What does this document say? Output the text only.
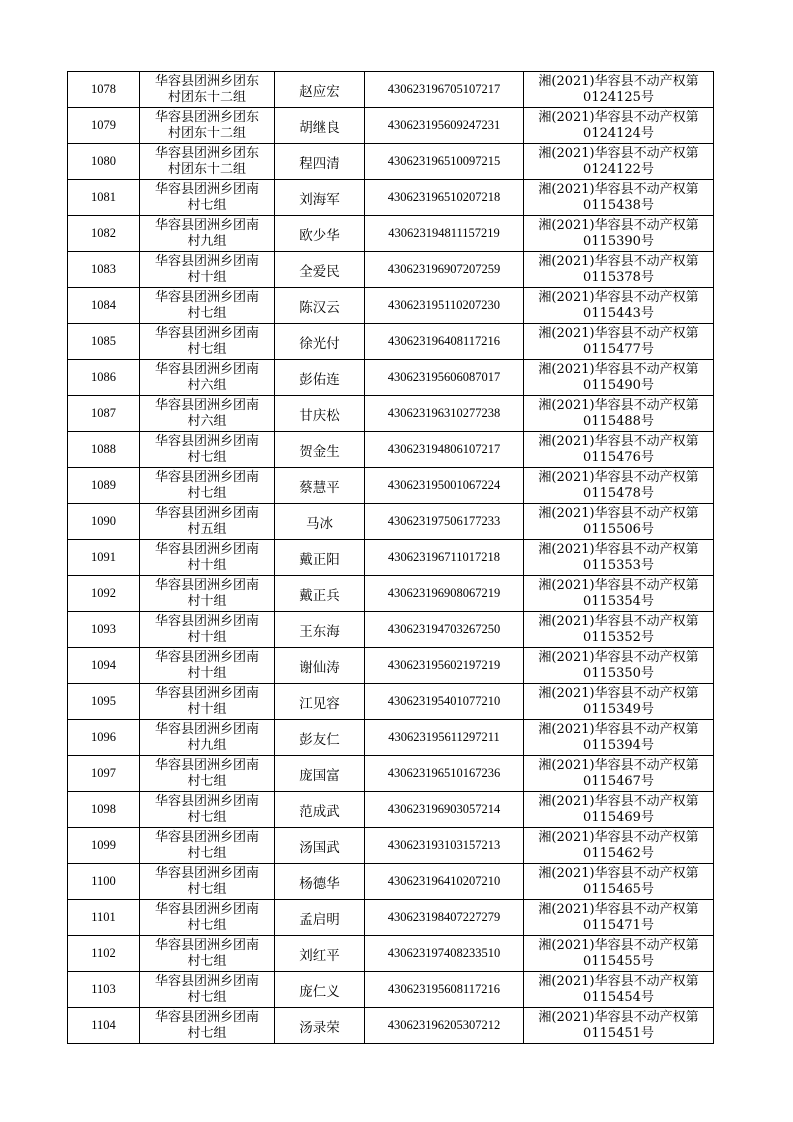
1078	华容县团洲乡团东
村团东十二组	赵应宏	430623196705107217	湘(2021)华容县不动产权第
0124125号

1079	华容县团洲乡团东
村团东十二组	胡继良	430623195609247231	湘(2021)华容县不动产权第
0124124号

1080	华容县团洲乡团东
村团东十二组	程四清	430623196510097215	湘(2021)华容县不动产权第
0124122号

1081	华容县团洲乡团南
村七组	刘海军	430623196510207218	湘(2021)华容县不动产权第
0115438号

1082	华容县团洲乡团南
村九组	欧少华	430623194811157219	湘(2021)华容县不动产权第
0115390号

1083	华容县团洲乡团南
村十组	全爱民	430623196907207259	湘(2021)华容县不动产权第
0115378号

1084	华容县团洲乡团南
村七组	陈汉云	430623195110207230	湘(2021)华容县不动产权第
0115443号

1085	华容县团洲乡团南
村七组	徐光付	430623196408117216	湘(2021)华容县不动产权第
0115477号

1086	华容县团洲乡团南
村六组	彭佑连	430623195606087017	湘(2021)华容县不动产权第
0115490号

1087	华容县团洲乡团南
村六组	甘庆松	430623196310277238	湘(2021)华容县不动产权第
0115488号

1088	华容县团洲乡团南
村七组	贺金生	430623194806107217	湘(2021)华容县不动产权第
0115476号

1089	华容县团洲乡团南
村七组	蔡慧平	430623195001067224	湘(2021)华容县不动产权第
0115478号

1090	华容县团洲乡团南
村五组	马冰	430623197506177233	湘(2021)华容县不动产权第
0115506号

1091	华容县团洲乡团南
村十组	戴正阳	430623196711017218	湘(2021)华容县不动产权第
0115353号

1092	华容县团洲乡团南
村十组	戴正兵	430623196908067219	湘(2021)华容县不动产权第
0115354号

1093	华容县团洲乡团南
村十组	王东海	430623194703267250	湘(2021)华容县不动产权第
0115352号

1094	华容县团洲乡团南
村十组	谢仙涛	430623195602197219	湘(2021)华容县不动产权第
0115350号

1095	华容县团洲乡团南
村十组	江见容	430623195401077210	湘(2021)华容县不动产权第
0115349号

1096	华容县团洲乡团南
村九组	彭友仁	430623195611297211	湘(2021)华容县不动产权第
0115394号

1097	华容县团洲乡团南
村七组	庞国富	430623196510167236	湘(2021)华容县不动产权第
0115467号

1098	华容县团洲乡团南
村七组	范成武	430623196903057214	湘(2021)华容县不动产权第
0115469号

1099	华容县团洲乡团南
村七组	汤国武	430623193103157213	湘(2021)华容县不动产权第
0115462号

1100	华容县团洲乡团南
村七组	杨德华	430623196410207210	湘(2021)华容县不动产权第
0115465号

1101	华容县团洲乡团南
村七组	孟启明	430623198407227279	湘(2021)华容县不动产权第
0115471号

1102	华容县团洲乡团南
村七组	刘红平	430623197408233510	湘(2021)华容县不动产权第
0115455号

1103	华容县团洲乡团南
村七组	庞仁义	430623195608117216	湘(2021)华容县不动产权第
0115454号

1104	华容县团洲乡团南
村七组	汤录荣	430623196205307212	湘(2021)华容县不动产权第
0115451号
